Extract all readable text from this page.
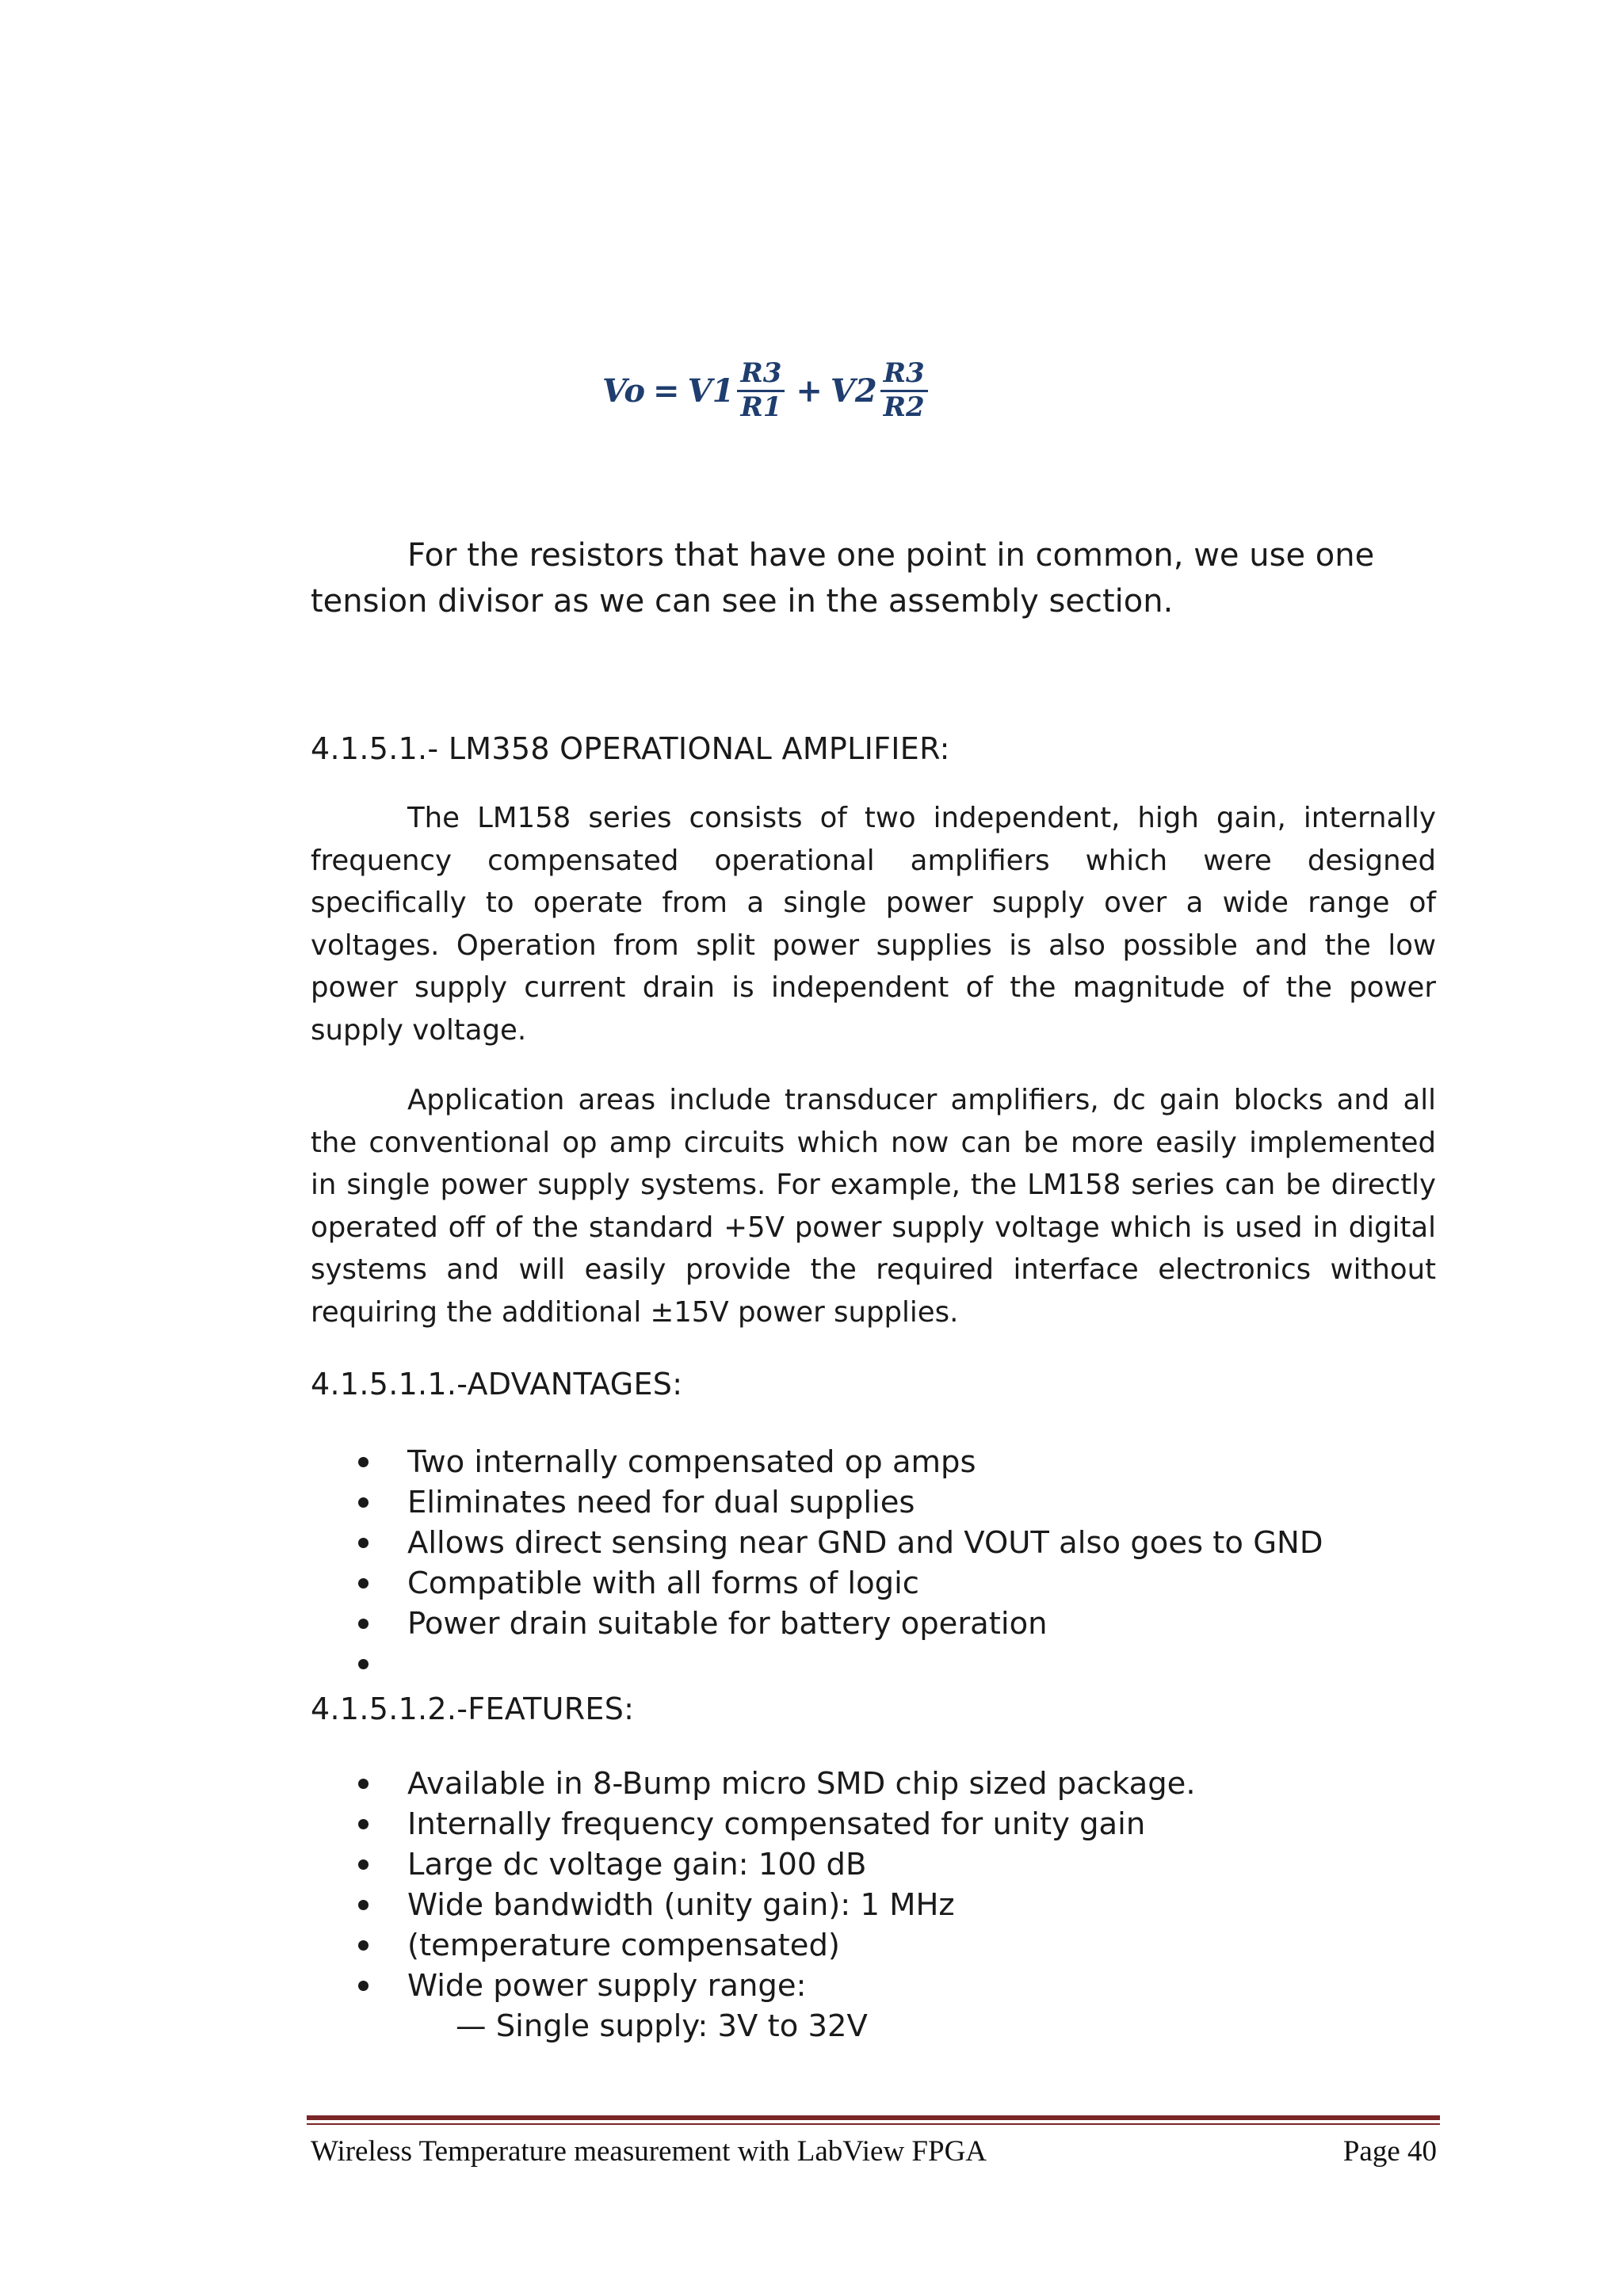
$Vo = V1 \frac{R3}{R1} + V2 \frac{R3}{R2}$

For the resistors that have one point in common, we use one tension divisor as we can see in the assembly section.

4.1.5.1.- LM358 OPERATIONAL AMPLIFIER:

The LM158 series consists of two independent, high gain, internally frequency compensated operational amplifiers which were designed specifically to operate from a single power supply over a wide range of voltages. Operation from split power supplies is also possible and the low power supply current drain is independent of the magnitude of the power supply voltage.

Application areas include transducer amplifiers, dc gain blocks and all the conventional op amp circuits which now can be more easily implemented in single power supply systems. For example, the LM158 series can be directly operated off of the standard +5V power supply voltage which is used in digital systems and will easily provide the required interface electronics without requiring the additional ±15V power supplies.

4.1.5.1.1.-ADVANTAGES:

Two internally compensated op amps
Eliminates need for dual supplies
Allows direct sensing near GND and VOUT also goes to GND
Compatible with all forms of logic
Power drain suitable for battery operation

4.1.5.1.2.-FEATURES:

Available in 8-Bump micro SMD chip sized package.
Internally frequency compensated for unity gain
Large dc voltage gain: 100 dB
Wide bandwidth (unity gain): 1 MHz
(temperature compensated)
Wide power supply range:
— Single supply: 3V to 32V
Wireless Temperature measurement with LabView FPGA	Page 40
